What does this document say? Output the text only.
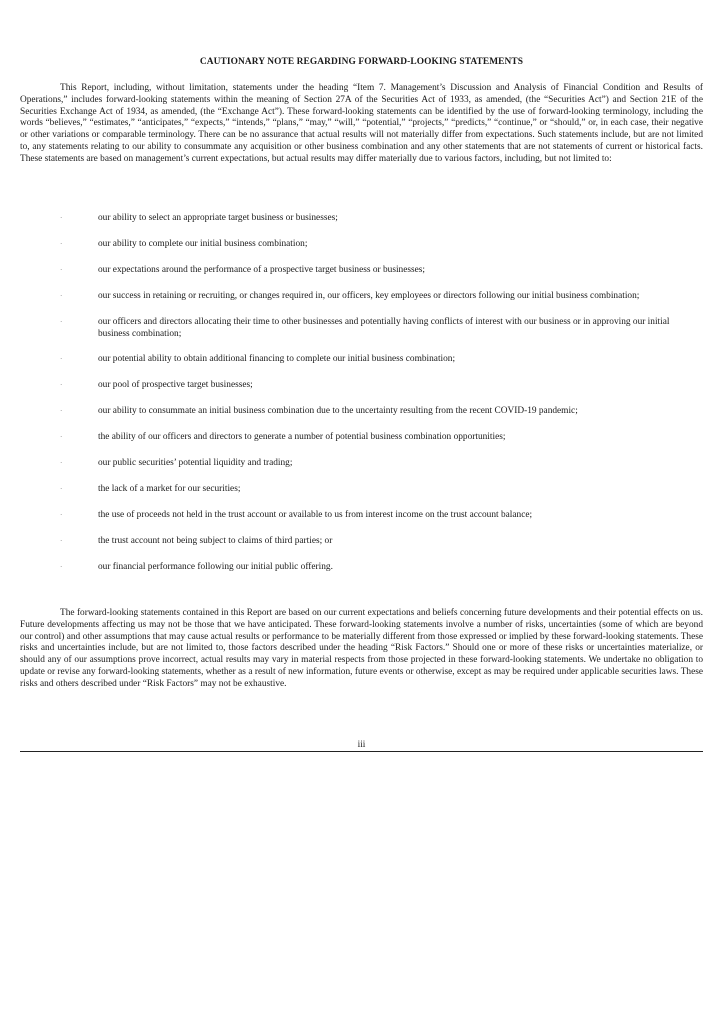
CAUTIONARY NOTE REGARDING FORWARD-LOOKING STATEMENTS

This Report, including, without limitation, statements under the heading “Item 7. Management’s Discussion and Analysis of Financial Condition and Results of Operations,” includes forward-looking statements within the meaning of Section 27A of the Securities Act of 1933, as amended, (the “Securities Act”) and Section 21E of the Securities Exchange Act of 1934, as amended, (the “Exchange Act”). These forward-looking statements can be identified by the use of forward-looking terminology, including the words “believes,” “estimates,” “anticipates,” “expects,” “intends,” “plans,” “may,” “will,” “potential,” “projects,” “predicts,” “continue,” or “should,” or, in each case, their negative or other variations or comparable terminology. There can be no assurance that actual results will not materially differ from expectations. Such statements include, but are not limited to, any statements relating to our ability to consummate any acquisition or other business combination and any other statements that are not statements of current or historical facts. These statements are based on management’s current expectations, but actual results may differ materially due to various factors, including, but not limited to:

·	our ability to select an appropriate target business or businesses;
·	our ability to complete our initial business combination;
·	our expectations around the performance of a prospective target business or businesses;
·	our success in retaining or recruiting, or changes required in, our officers, key employees or directors following our initial business combination;
·	our officers and directors allocating their time to other businesses and potentially having conflicts of interest with our business or in approving our initial business combination;
·	our potential ability to obtain additional financing to complete our initial business combination;
·	our pool of prospective target businesses;
·	our ability to consummate an initial business combination due to the uncertainty resulting from the recent COVID-19 pandemic;
·	the ability of our officers and directors to generate a number of potential business combination opportunities;
·	our public securities’ potential liquidity and trading;
·	the lack of a market for our securities;
·	the use of proceeds not held in the trust account or available to us from interest income on the trust account balance;
·	the trust account not being subject to claims of third parties; or
·	our financial performance following our initial public offering.

The forward-looking statements contained in this Report are based on our current expectations and beliefs concerning future developments and their potential effects on us. Future developments affecting us may not be those that we have anticipated. These forward-looking statements involve a number of risks, uncertainties (some of which are beyond our control) and other assumptions that may cause actual results or performance to be materially different from those expressed or implied by these forward-looking statements. These risks and uncertainties include, but are not limited to, those factors described under the heading “Risk Factors.” Should one or more of these risks or uncertainties materialize, or should any of our assumptions prove incorrect, actual results may vary in material respects from those projected in these forward-looking statements. We undertake no obligation to update or revise any forward-looking statements, whether as a result of new information, future events or otherwise, except as may be required under applicable securities laws. These risks and others described under “Risk Factors” may not be exhaustive.

iii
